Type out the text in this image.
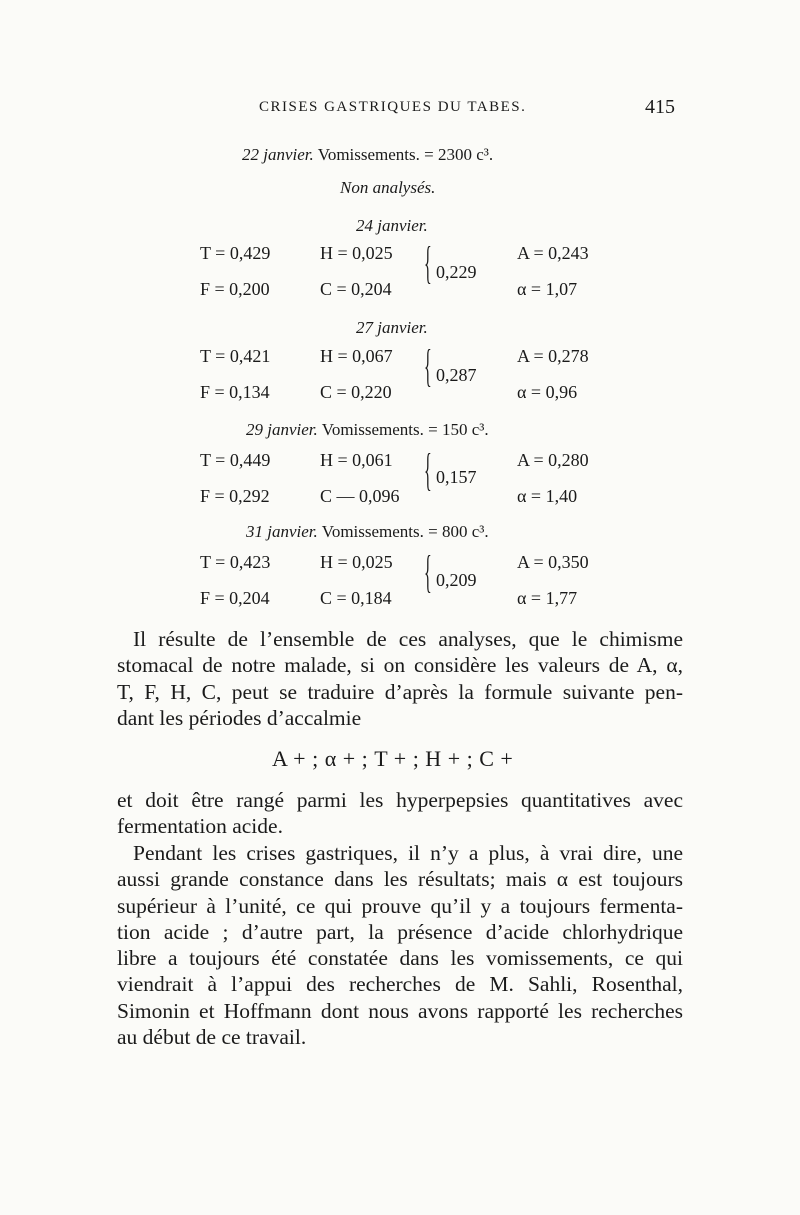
CRISES GASTRIQUES DU TABES.	415
22 janvier. Vomissements. = 2300 c³.
Non analysés.
24 janvier.
T = 0,429
F = 0,200
H = 0,025
C = 0,204
{ 0,229
A = 0,243
α = 1,07
27 janvier.
T = 0,421
F = 0,134
H = 0,067
C = 0,220
{ 0,287
A = 0,278
α = 0,96
29 janvier. Vomissements. = 150 c³.
T = 0,449
F = 0,292
H = 0,061
C — 0,096
{ 0,157
A = 0,280
α = 1,40
31 janvier. Vomissements. = 800 c³.
T = 0,423
F = 0,204
H = 0,025
C = 0,184
{ 0,209
A = 0,350
α = 1,77
Il résulte de l’ensemble de ces analyses, que le chimisme
stomacal de notre malade, si on considère les valeurs de A, α,
T, F, H, C, peut se traduire d’après la formule suivante pen-
dant les périodes d’accalmie
A + ; α + ; T + ; H + ; C +
et doit être rangé parmi les hyperpepsies quantitatives avec
fermentation acide.
Pendant les crises gastriques, il n’y a plus, à vrai dire, une
aussi grande constance dans les résultats; mais α est toujours
supérieur à l’unité, ce qui prouve qu’il y a toujours fermenta-
tion acide ; d’autre part, la présence d’acide chlorhydrique
libre a toujours été constatée dans les vomissements, ce qui
viendrait à l’appui des recherches de M. Sahli, Rosenthal,
Simonin et Hoffmann dont nous avons rapporté les recherches
au début de ce travail.
